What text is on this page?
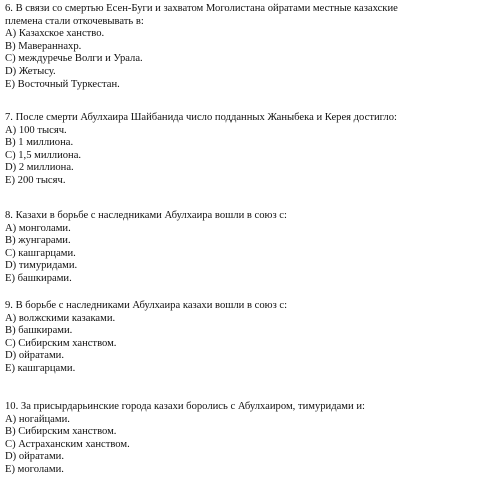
6. В связи со смертью Есен-Буги и захватом Моголистана ойратами местные казахские
племена стали откочевывать в:
А) Казахское ханство.
В) Мавераннахр.
С) междуречье Волги и Урала.
D) Жетысу.
Е) Восточный Туркестан.
7. После смерти Абулхаира Шайбанида число подданных Жаныбека и Керея достигло:
А) 100 тысяч.
В) 1 миллиона.
С) 1,5 миллиона.
D) 2 миллиона.
Е) 200 тысяч.
8. Казахи в борьбе с наследниками Абулхаира вошли в союз с:
А) монголами.
В) жунгарами.
С) кашгарцами.
D) тимуридами.
Е) башкирами.
9. В борьбе с наследниками Абулхаира казахи вошли в союз с:
А) волжскими казаками.
В) башкирами.
С) Сибирским ханством.
D) ойратами.
Е) кашгарцами.
10. За присырдарьинские города казахи боролись с Абулхаиром, тимуридами и:
А) ногайцами.
В) Сибирским ханством.
С) Астраханским ханством.
D) ойратами.
Е) моголами.
